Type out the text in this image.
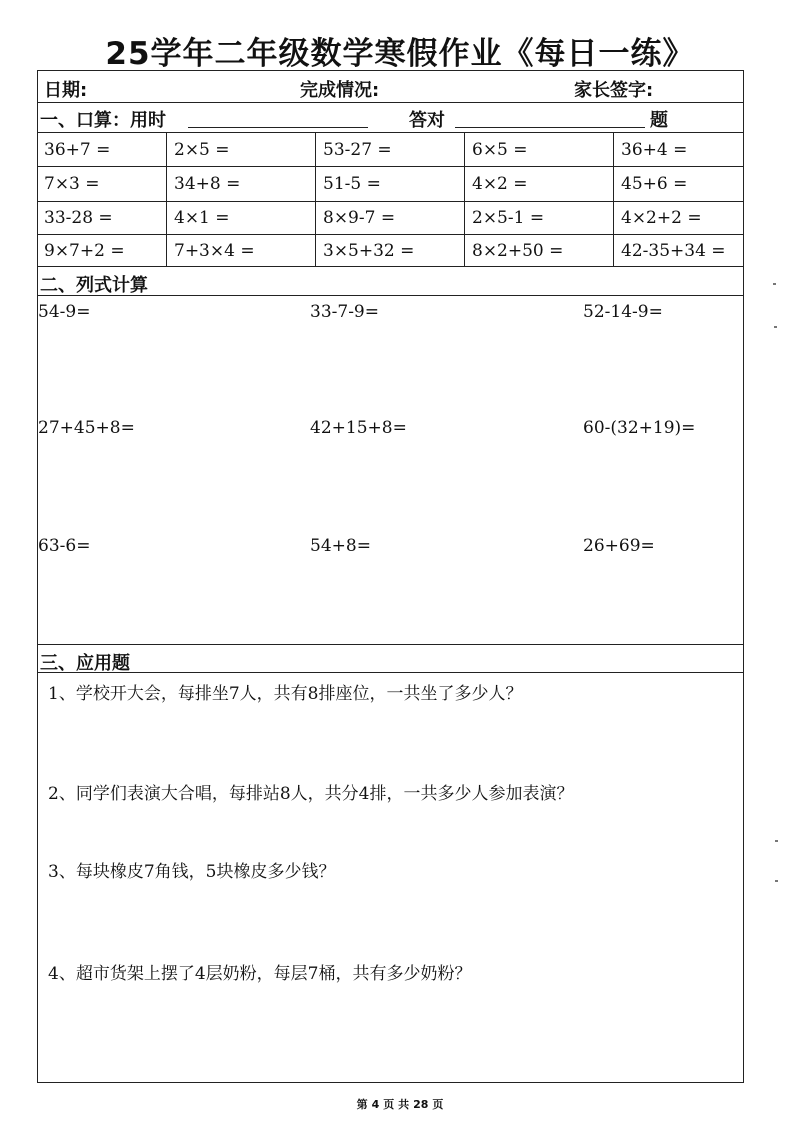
25学年二年级数学寒假作业《每日一练》
日期:	完成情况:	家长签字:
一、口算：用时	答对	题
36+7 =	2×5 =	53-27 =	6×5 =	36+4 =
7×3 =	34+8 =	51-5 =	4×2 =	45+6 =
33-28 =	4×1 =	8×9-7 =	2×5-1 =	4×2+2 =
9×7+2 =	7+3×4 =	3×5+32 =	8×2+50 =	42-35+34 =
二、列式计算
54-9=	33-7-9=	52-14-9=
27+45+8=	42+15+8=	60-(32+19)=
63-6=	54+8=	26+69=
三、应用题
1、学校开大会，每排坐7人，共有8排座位，一共坐了多少人？
2、同学们表演大合唱，每排站8人，共分4排，一共多少人参加表演？
3、每块橡皮7角钱，5块橡皮多少钱？
4、超市货架上摆了4层奶粉，每层7桶，共有多少奶粉？
第 4 页 共 28 页
